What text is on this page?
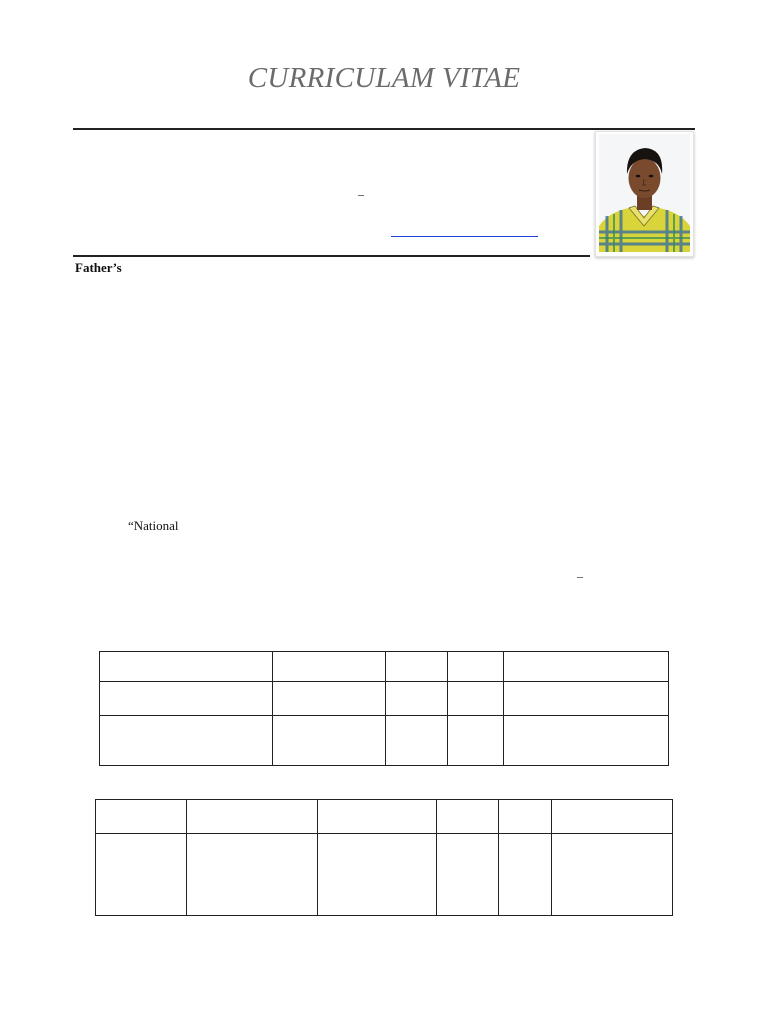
CURRICULAM VITAE
–
Father’s
“National
–
